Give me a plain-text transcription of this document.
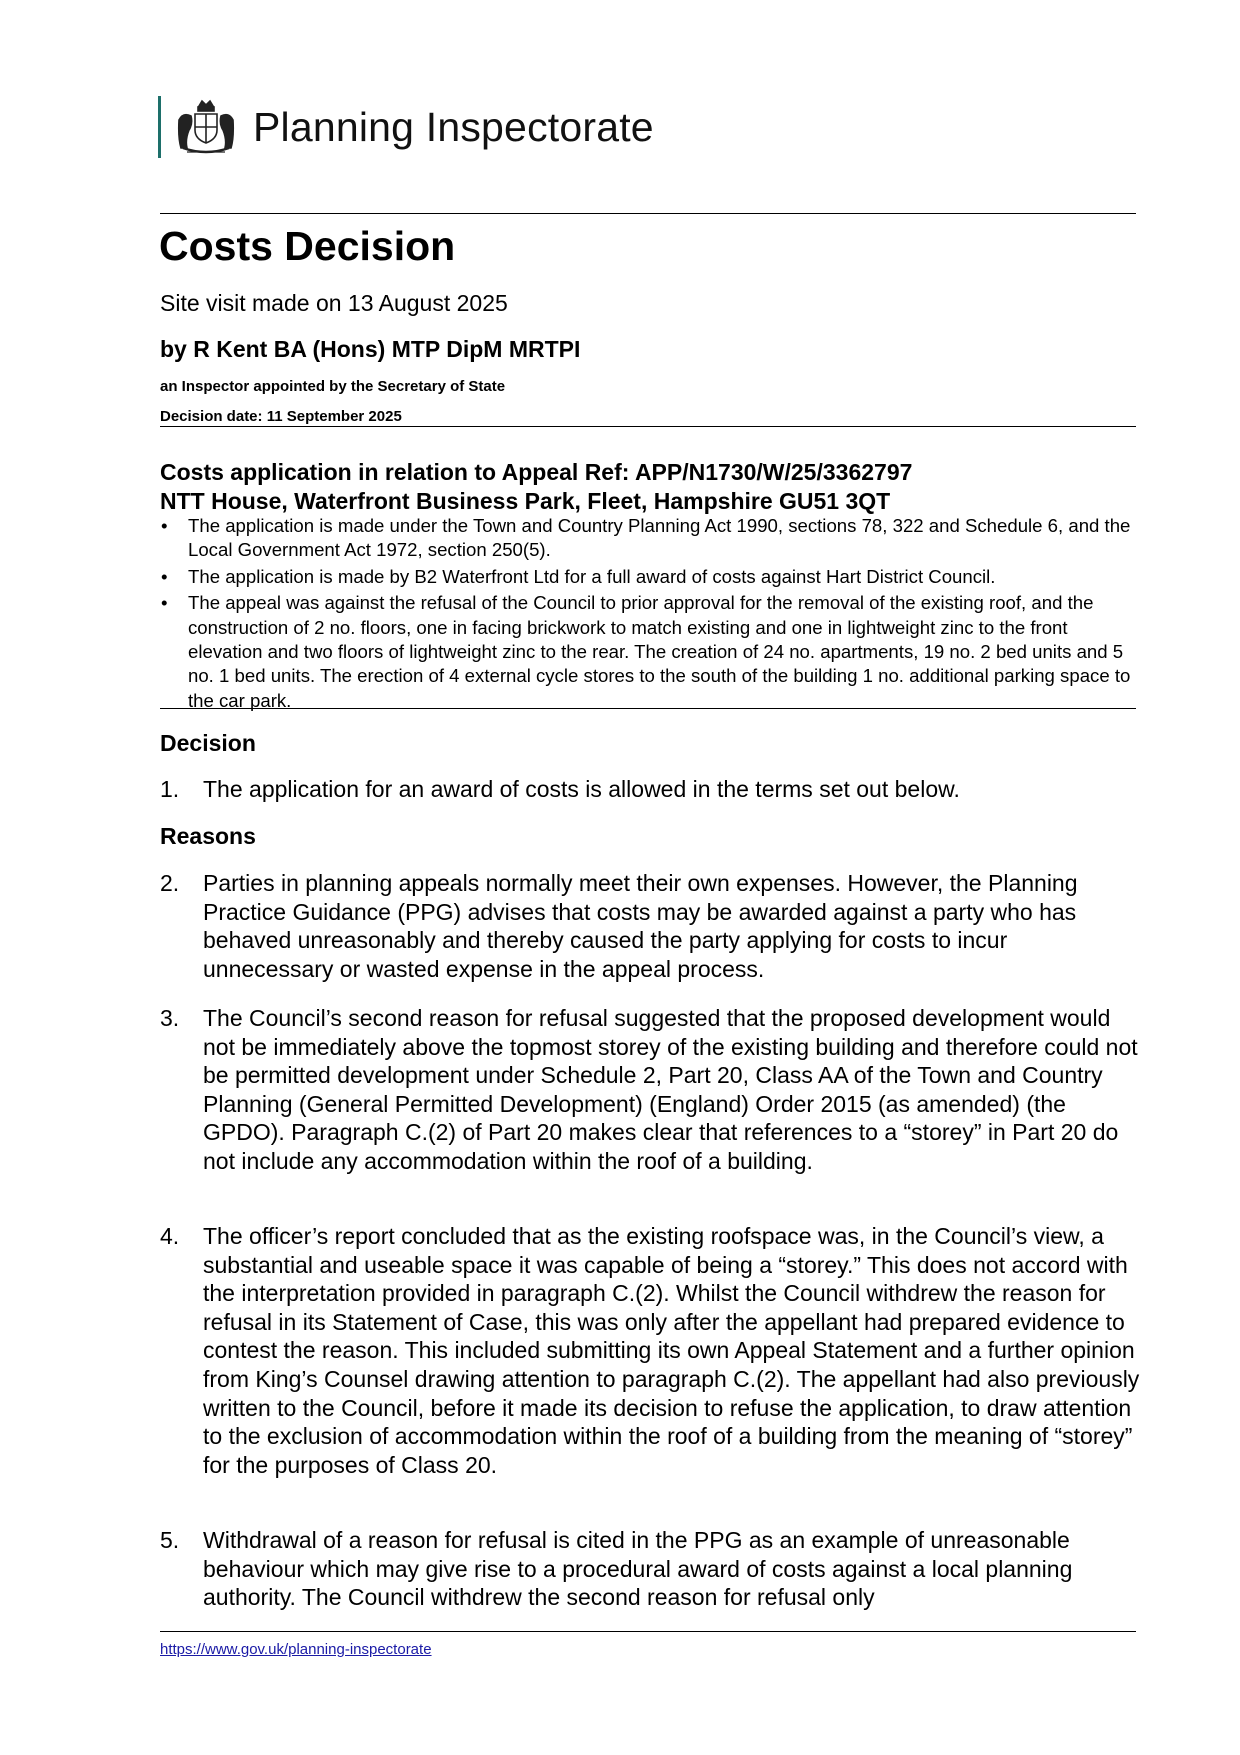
Planning Inspectorate
Costs Decision
Site visit made on 13 August 2025
by R Kent BA (Hons) MTP DipM MRTPI
an Inspector appointed by the Secretary of State
Decision date: 11 September 2025
Costs application in relation to Appeal Ref: APP/N1730/W/25/3362797
NTT House, Waterfront Business Park, Fleet, Hampshire GU51 3QT
• The application is made under the Town and Country Planning Act 1990, sections 78, 322 and Schedule 6, and the Local Government Act 1972, section 250(5).
• The application is made by B2 Waterfront Ltd for a full award of costs against Hart District Council.
• The appeal was against the refusal of the Council to prior approval for the removal of the existing roof, and the construction of 2 no. floors, one in facing brickwork to match existing and one in lightweight zinc to the front elevation and two floors of lightweight zinc to the rear. The creation of 24 no. apartments, 19 no. 2 bed units and 5 no. 1 bed units. The erection of 4 external cycle stores to the south of the building 1 no. additional parking space to the car park.
Decision
1. The application for an award of costs is allowed in the terms set out below.
Reasons
2. Parties in planning appeals normally meet their own expenses. However, the Planning Practice Guidance (PPG) advises that costs may be awarded against a party who has behaved unreasonably and thereby caused the party applying for costs to incur unnecessary or wasted expense in the appeal process.
3. The Council’s second reason for refusal suggested that the proposed development would not be immediately above the topmost storey of the existing building and therefore could not be permitted development under Schedule 2, Part 20, Class AA of the Town and Country Planning (General Permitted Development) (England) Order 2015 (as amended) (the GPDO). Paragraph C.(2) of Part 20 makes clear that references to a “storey” in Part 20 do not include any accommodation within the roof of a building.
4. The officer’s report concluded that as the existing roofspace was, in the Council’s view, a substantial and useable space it was capable of being a “storey.” This does not accord with the interpretation provided in paragraph C.(2). Whilst the Council withdrew the reason for refusal in its Statement of Case, this was only after the appellant had prepared evidence to contest the reason. This included submitting its own Appeal Statement and a further opinion from King’s Counsel drawing attention to paragraph C.(2). The appellant had also previously written to the Council, before it made its decision to refuse the application, to draw attention to the exclusion of accommodation within the roof of a building from the meaning of “storey” for the purposes of Class 20.
5. Withdrawal of a reason for refusal is cited in the PPG as an example of unreasonable behaviour which may give rise to a procedural award of costs against a local planning authority. The Council withdrew the second reason for refusal only
https://www.gov.uk/planning-inspectorate
